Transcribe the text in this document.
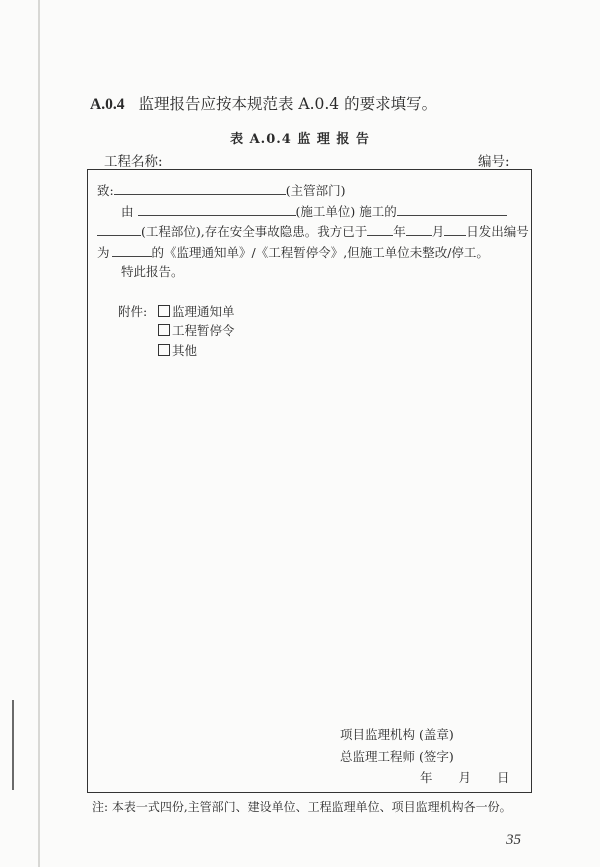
A.0.4 监理报告应按本规范表 A.0.4 的要求填写。
表 A.0.4 监 理 报 告
工程名称:	编号:
致:	(主管部门)
由	(施工单位) 施工的
(工程部位),存在安全事故隐患。我方已于 年 月 日发出编号
为	的《监理通知单》/《工程暂停令》,但施工单位未整改/停工。
特此报告。
附件:	监理通知单
工程暂停令
其他
项目监理机构 (盖章)
总监理工程师 (签字)
年 月 日
注: 本表一式四份,主管部门、建设单位、工程监理单位、项目监理机构各一份。
35
